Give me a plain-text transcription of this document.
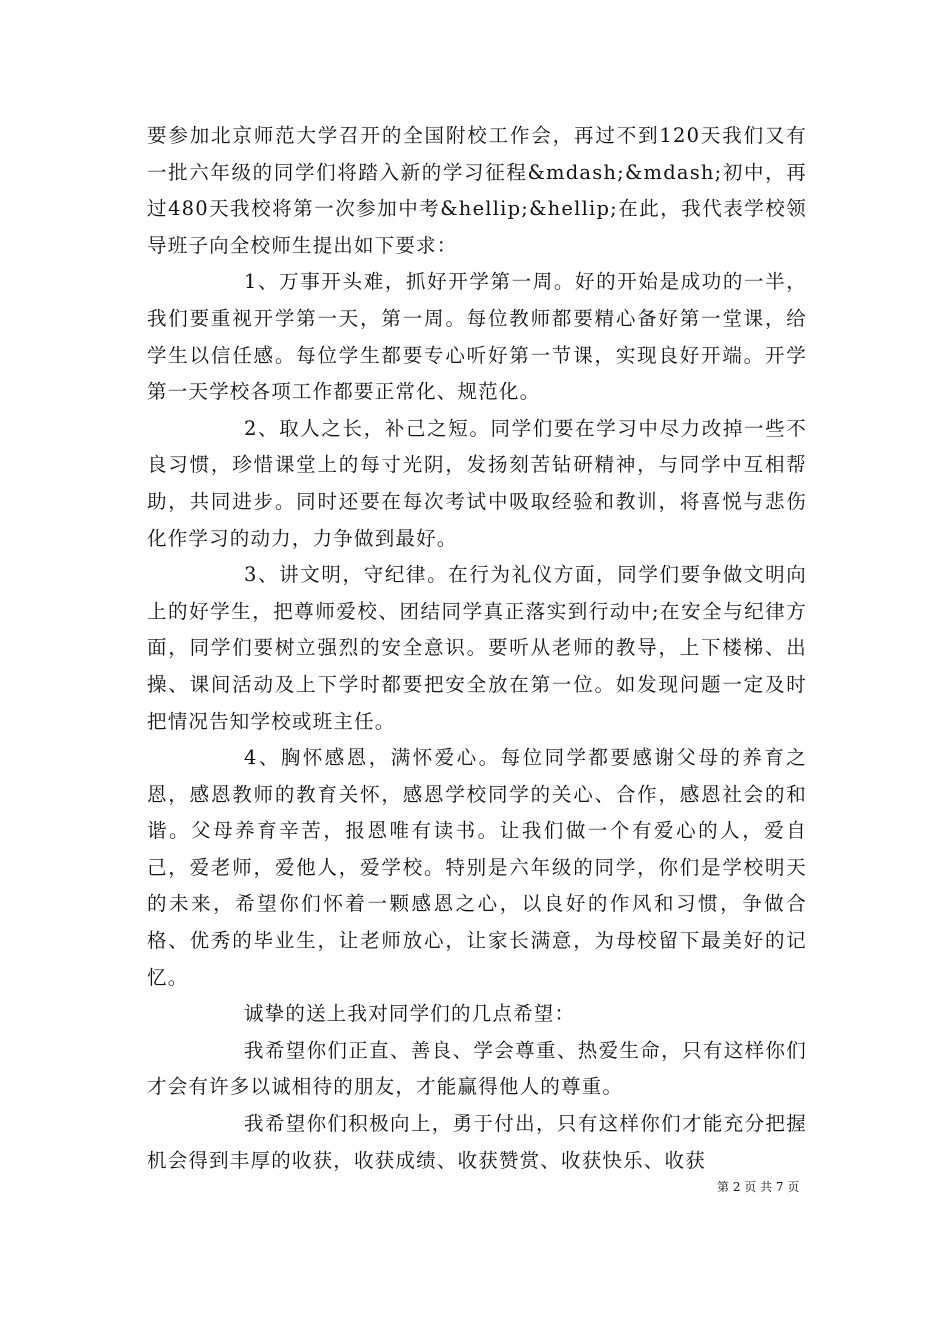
要参加北京师范大学召开的全国附校工作会，再过不到120天我们又有一批六年级的同学们将踏入新的学习征程&mdash;&mdash;初中，再过480天我校将第一次参加中考&hellip;&hellip;在此，我代表学校领导班子向全校师生提出如下要求：

1、万事开头难，抓好开学第一周。好的开始是成功的一半，我们要重视开学第一天，第一周。每位教师都要精心备好第一堂课，给学生以信任感。每位学生都要专心听好第一节课，实现良好开端。开学第一天学校各项工作都要正常化、规范化。

2、取人之长，补己之短。同学们要在学习中尽力改掉一些不良习惯，珍惜课堂上的每寸光阴，发扬刻苦钻研精神，与同学中互相帮助，共同进步。同时还要在每次考试中吸取经验和教训，将喜悦与悲伤化作学习的动力，力争做到最好。

3、讲文明，守纪律。在行为礼仪方面，同学们要争做文明向上的好学生，把尊师爱校、团结同学真正落实到行动中;在安全与纪律方面，同学们要树立强烈的安全意识。要听从老师的教导，上下楼梯、出操、课间活动及上下学时都要把安全放在第一位。如发现问题一定及时把情况告知学校或班主任。

4、胸怀感恩，满怀爱心。每位同学都要感谢父母的养育之恩，感恩教师的教育关怀，感恩学校同学的关心、合作，感恩社会的和谐。父母养育辛苦，报恩唯有读书。让我们做一个有爱心的人，爱自己，爱老师，爱他人，爱学校。特别是六年级的同学，你们是学校明天的未来，希望你们怀着一颗感恩之心，以良好的作风和习惯，争做合格、优秀的毕业生，让老师放心，让家长满意，为母校留下最美好的记忆。

诚挚的送上我对同学们的几点希望：

我希望你们正直、善良、学会尊重、热爱生命，只有这样你们才会有许多以诚相待的朋友，才能赢得他人的尊重。

我希望你们积极向上，勇于付出，只有这样你们才能充分把握机会得到丰厚的收获，收获成绩、收获赞赏、收获快乐、收获

第 2 页 共 7 页
